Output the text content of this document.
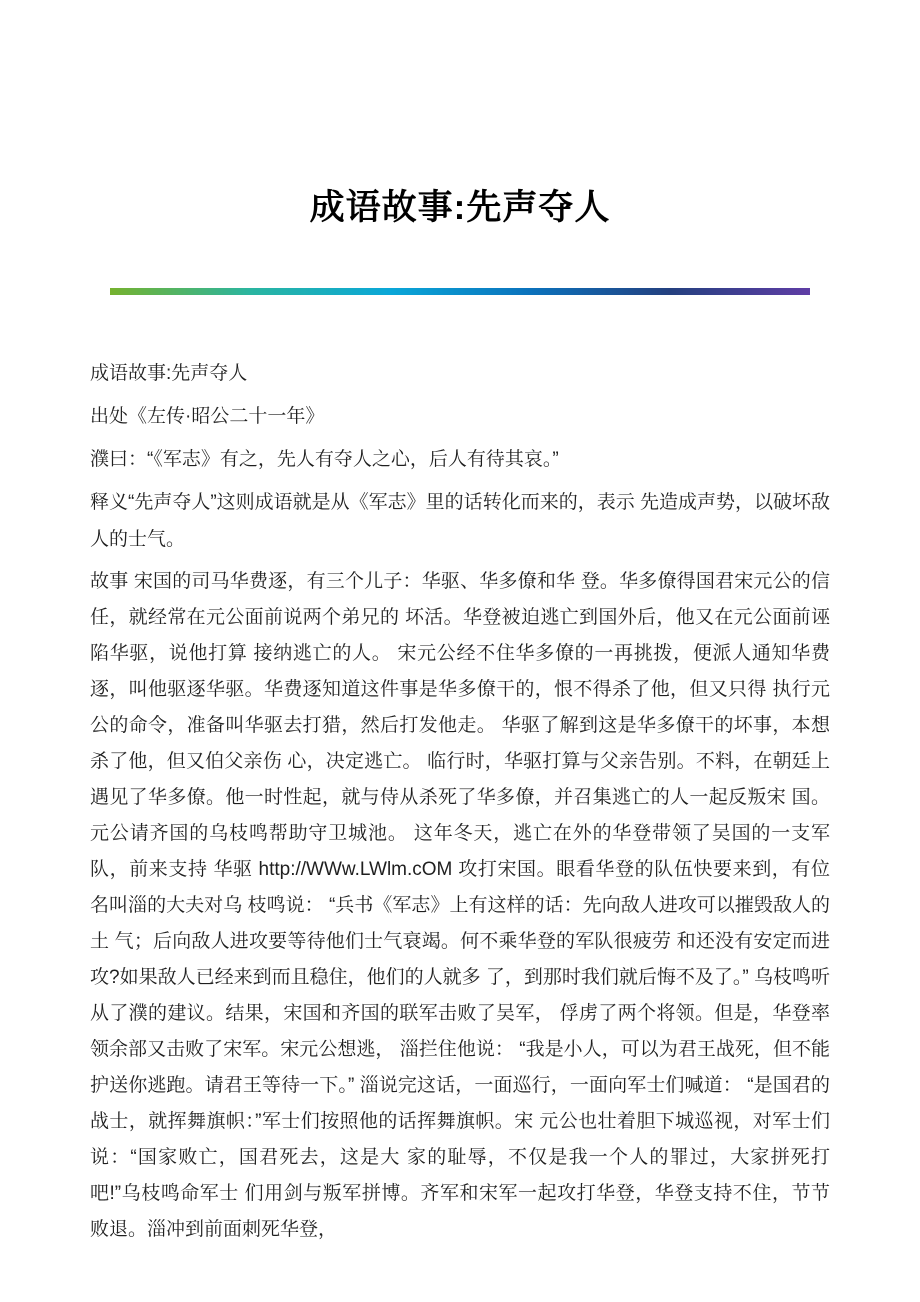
成语故事:先声夺人

成语故事:先声夺人

出处《左传·昭公二十一年》

濮曰：“《军志》有之，先人有夺人之心，后人有待其哀。”

释义“先声夺人”这则成语就是从《军志》里的话转化而来的，表示 先造成声势，以破坏敌人的士气。

故事 宋国的司马华费逐，有三个儿子：华驱、华多僚和华 登。华多僚得国君宋元公的信任，就经常在元公面前说两个弟兄的 坏活。华登被迫逃亡到国外后，他又在元公面前诬陷华驱，说他打算 接纳逃亡的人。 宋元公经不住华多僚的一再挑拨，便派人通知华费逐，叫他驱逐华驱。华费逐知道这件事是华多僚干的，恨不得杀了他，但又只得 执行元公的命令，准备叫华驱去打猎，然后打发他走。 华驱了解到这是华多僚干的坏事，本想杀了他，但又伯父亲伤 心，决定逃亡。 临行时，华驱打算与父亲告别。不料，在朝廷上遇见了华多僚。他一时性起，就与侍从杀死了华多僚，并召集逃亡的人一起反叛宋 国。元公请齐国的乌枝鸣帮助守卫城池。 这年冬天，逃亡在外的华登带领了吴国的一支军队，前来支持 华驱 http://WWw.LWlm.cOM 攻打宋国。眼看华登的队伍快要来到，有位名叫淄的大夫对乌 枝鸣说： “兵书《军志》上有这样的话：先向敌人进攻可以摧毁敌人的土 气；后向敌人进攻要等待他们士气衰竭。何不乘华登的军队很疲劳 和还没有安定而进攻?如果敌人已经来到而且稳住，他们的人就多 了，到那时我们就后悔不及了。” 乌枝鸣听从了濮的建议。结果，宋国和齐国的联军击败了吴军， 俘虏了两个将领。但是，华登率领余部又击败了宋军。宋元公想逃， 淄拦住他说： “我是小人，可以为君王战死，但不能护送你逃跑。请君王等待一下。” 淄说完这话，一面巡行，一面向军士们喊道： “是国君的战士，就挥舞旗帜：”军士们按照他的话挥舞旗帜。宋 元公也壮着胆下城巡视，对军士们说：“国家败亡，国君死去，这是大 家的耻辱，不仅是我一个人的罪过，大家拼死打吧!”乌枝鸣命军士 们用剑与叛军拼博。齐军和宋军一起攻打华登，华登支持不住，节节 败退。淄冲到前面刺死华登，
